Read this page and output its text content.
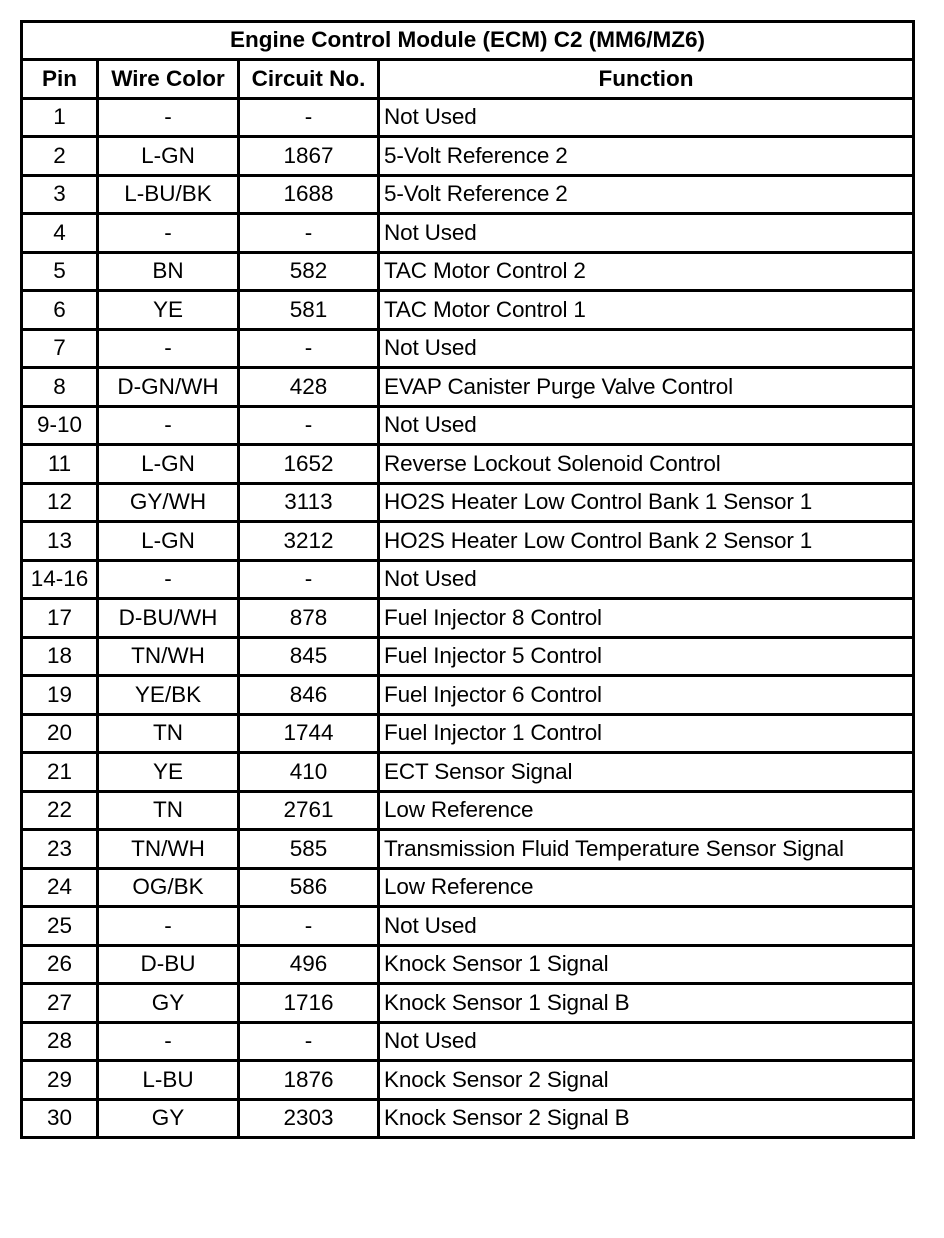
Engine Control Module (ECM) C2 (MM6/MZ6)			
Pin	Wire Color	Circuit No.	Function
1	-	-	Not Used
2	L-GN	1867	5-Volt Reference 2
3	L-BU/BK	1688	5-Volt Reference 2
4	-	-	Not Used
5	BN	582	TAC Motor Control 2
6	YE	581	TAC Motor Control 1
7	-	-	Not Used
8	D-GN/WH	428	EVAP Canister Purge Valve Control
9-10	-	-	Not Used
11	L-GN	1652	Reverse Lockout Solenoid Control
12	GY/WH	3113	HO2S Heater Low Control Bank 1 Sensor 1
13	L-GN	3212	HO2S Heater Low Control Bank 2 Sensor 1
14-16	-	-	Not Used
17	D-BU/WH	878	Fuel Injector 8 Control
18	TN/WH	845	Fuel Injector 5 Control
19	YE/BK	846	Fuel Injector 6 Control
20	TN	1744	Fuel Injector 1 Control
21	YE	410	ECT Sensor Signal
22	TN	2761	Low Reference
23	TN/WH	585	Transmission Fluid Temperature Sensor Signal
24	OG/BK	586	Low Reference
25	-	-	Not Used
26	D-BU	496	Knock Sensor 1 Signal
27	GY	1716	Knock Sensor 1 Signal B
28	-	-	Not Used
29	L-BU	1876	Knock Sensor 2 Signal
30	GY	2303	Knock Sensor 2 Signal B
